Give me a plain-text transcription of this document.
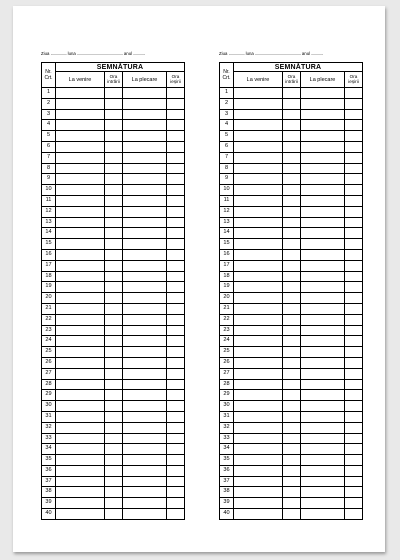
Ziua ................ luna .............................................. anul ............
Nr.
Crt.	SEMNĂTURA			
	La venire	Ora intrării	La plecare	Ora ieșirii
1				
2				
3				
4				
5				
6				
7				
8				
9				
10				
11				
12				
13				
14				
15				
16				
17				
18				
19				
20				
21				
22				
23				
24				
25				
26				
27				
28				
29				
30				
31				
32				
33				
34				
35				
36				
37				
38				
39				
40				
Ziua ................ luna .............................................. anul ............
Nr.
Crt.	SEMNĂTURA			
	La venire	Ora intrării	La plecare	Ora ieșirii
1				
2				
3				
4				
5				
6				
7				
8				
9				
10				
11				
12				
13				
14				
15				
16				
17				
18				
19				
20				
21				
22				
23				
24				
25				
26				
27				
28				
29				
30				
31				
32				
33				
34				
35				
36				
37				
38				
39				
40				
